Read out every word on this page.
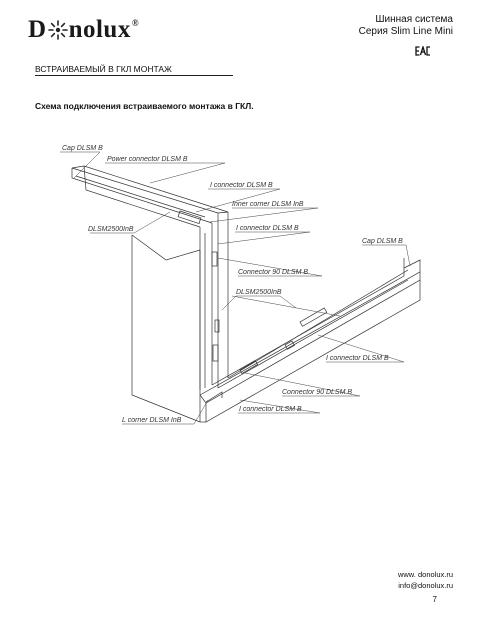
D nolux®	Шинная система
Серия Slim Line Mini
ВСТРАИВАЕМЫЙ В ГКЛ МОНТАЖ
Схема подключения встраиваемого монтажа в ГКЛ.
Cap DLSM B
Power connector DLSM B
I connector DLSM B
Inner corner DLSM InB
I connector DLSM B
DLSM2500InB
Cap DLSM B
Connector 90 DLSM B
DLSM2500InB
I connector DLSM B
Connector 90 DLSM B
I connector DLSM B
L corner DLSM InB
www. donolux.ru
info@donolux.ru
7
